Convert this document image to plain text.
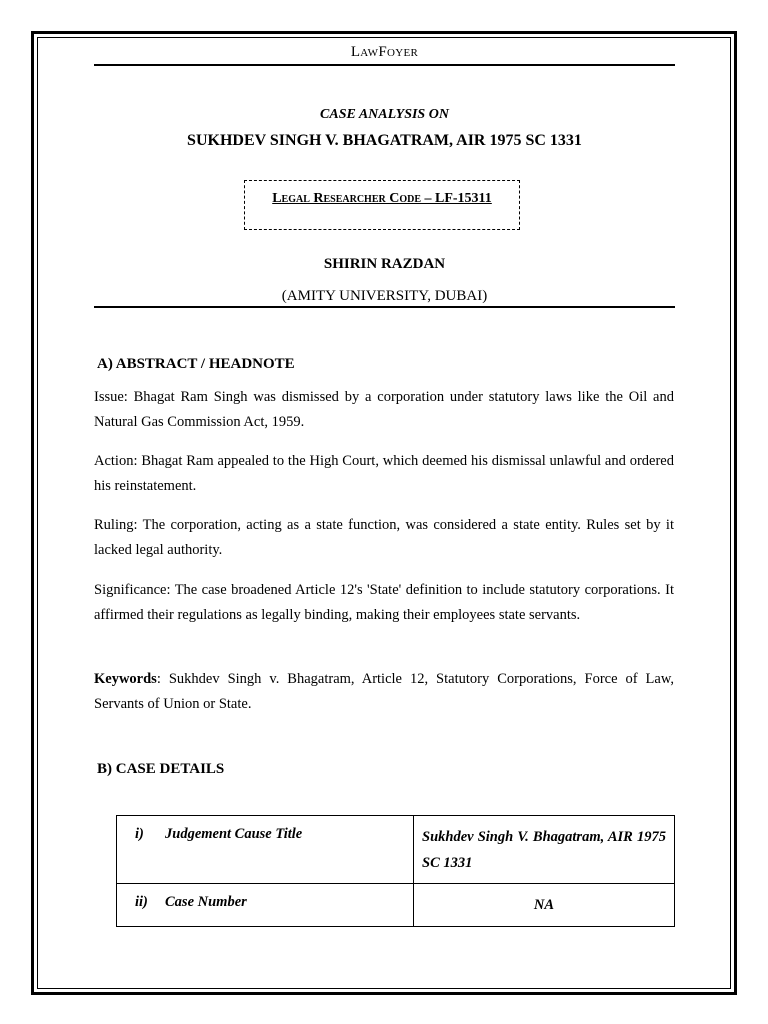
LawFoyer
CASE ANALYSIS ON
SUKHDEV SINGH V. BHAGATRAM, AIR 1975 SC 1331
Legal Researcher Code – LF-15311
SHIRIN RAZDAN
(AMITY UNIVERSITY, DUBAI)
A) ABSTRACT / HEADNOTE
Issue: Bhagat Ram Singh was dismissed by a corporation under statutory laws like the Oil and Natural Gas Commission Act, 1959.
Action: Bhagat Ram appealed to the High Court, which deemed his dismissal unlawful and ordered his reinstatement.
Ruling: The corporation, acting as a state function, was considered a state entity. Rules set by it lacked legal authority.
Significance: The case broadened Article 12's 'State' definition to include statutory corporations. It affirmed their regulations as legally binding, making their employees state servants.
Keywords: Sukhdev Singh v. Bhagatram, Article 12, Statutory Corporations, Force of Law, Servants of Union or State.
B) CASE DETAILS
i)	Judgement Cause Title	Sukhdev Singh V. Bhagatram, AIR 1975 SC 1331
ii)	Case Number	NA
